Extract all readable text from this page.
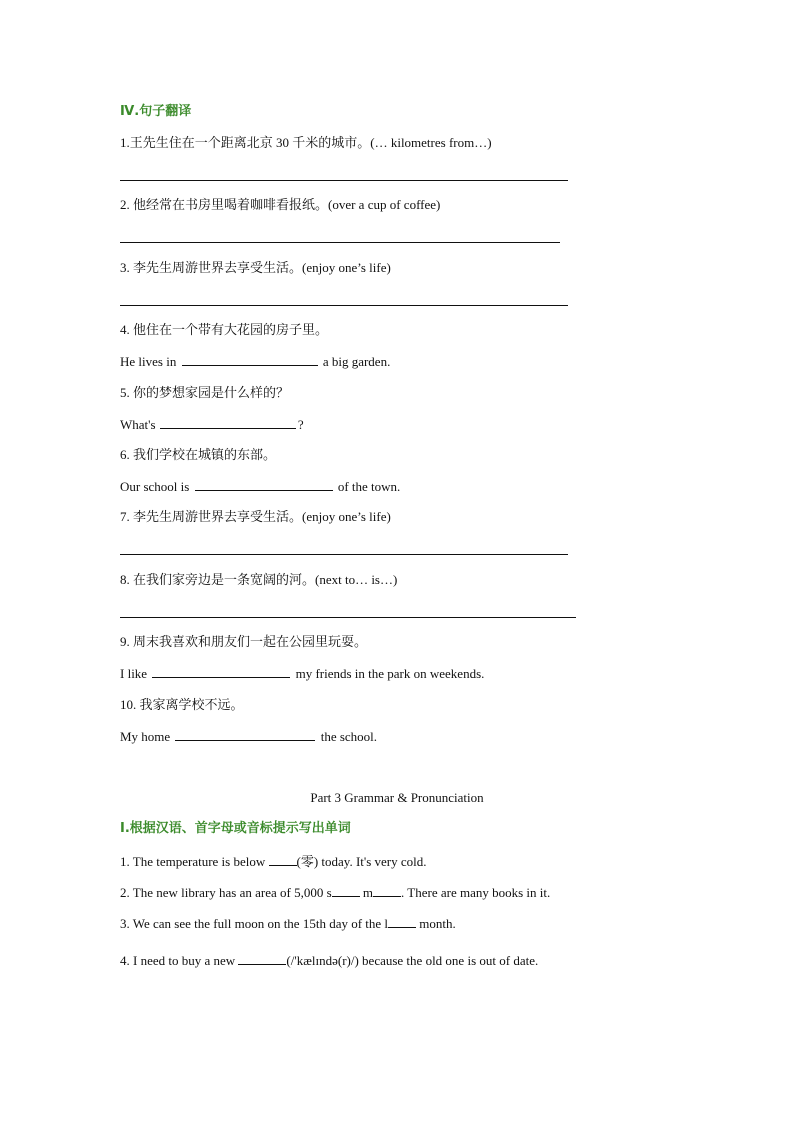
Ⅳ.句子翻译
1.王先生住在一个距离北京 30 千米的城市。(… kilometres from…)
2. 他经常在书房里喝着咖啡看报纸。(over a cup of coffee)
3. 李先生周游世界去享受生活。(enjoy one’s life)
4. 他住在一个带有大花园的房子里。
He lives in	a big garden.
5. 你的梦想家园是什么样的？
What's	?
6. 我们学校在城镇的东部。
Our school is	of the town.
7. 李先生周游世界去享受生活。(enjoy one’s life)
8. 在我们家旁边是一条宽阔的河。(next to… is…)
9. 周末我喜欢和朋友们一起在公园里玩耍。
I like	my friends in the park on weekends.
10. 我家离学校不远。
My home	the school.
Part 3 Grammar & Pronunciation
Ⅰ.根据汉语、首字母或音标提示写出单词
1. The temperature is below (零) today. It's very cold.
2. The new library has an area of 5,000 s m . There are many books in it.
3. We can see the full moon on the 15th day of the l month.
4. I need to buy a new	(/'kælɪndə(r)/) because the old one is out of date.
